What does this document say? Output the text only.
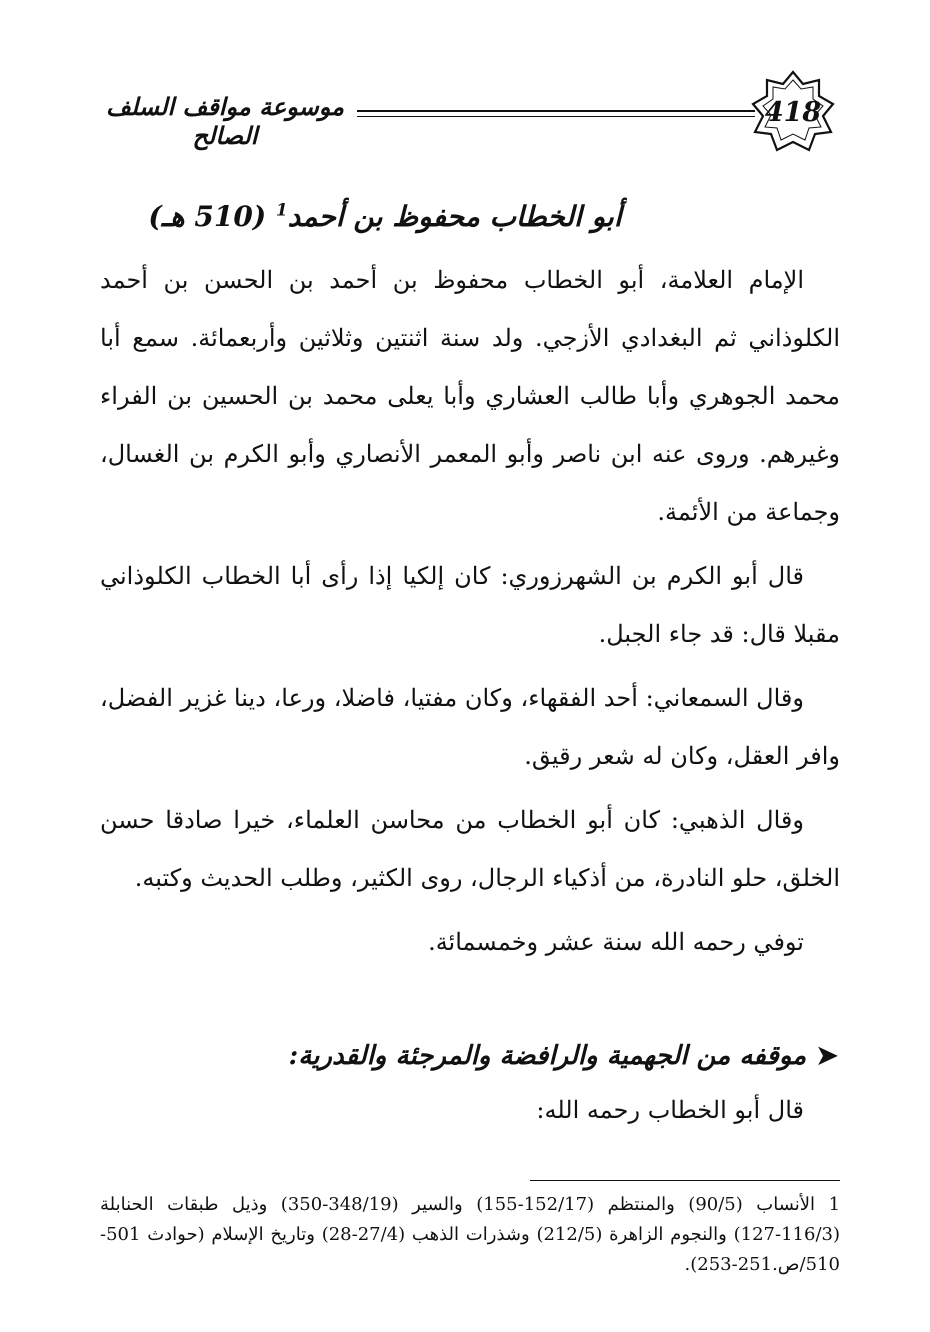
موسوعة مواقف السلف الصالح
418
أبو الخطاب محفوظ بن أحمد$^1$ (510 هـ)

الإمام العلامة، أبو الخطاب محفوظ بن أحمد بن الحسن بن أحمد الكلوذاني ثم البغدادي الأزجي. ولد سنة اثنتين وثلاثين وأربعمائة. سمع أبا محمد الجوهري وأبا طالب العشاري وأبا يعلى محمد بن الحسين بن الفراء وغيرهم. وروى عنه ابن ناصر وأبو المعمر الأنصاري وأبو الكرم بن الغسال، وجماعة من الأئمة.

قال أبو الكرم بن الشهرزوري: كان إلكيا إذا رأى أبا الخطاب الكلوذاني مقبلا قال: قد جاء الجبل.

وقال السمعاني: أحد الفقهاء، وكان مفتيا، فاضلا، ورعا، دينا غزير الفضل، وافر العقل، وكان له شعر رقيق.

وقال الذهبي: كان أبو الخطاب من محاسن العلماء، خيرا صادقا حسن الخلق، حلو النادرة، من أذكياء الرجال، روى الكثير، وطلب الحديث وكتبه.

توفي رحمه الله سنة عشر وخمسمائة.

➤موقفه من الجهمية والرافضة والمرجئة والقدرية:

قال أبو الخطاب رحمه الله:

1 الأنساب (90/5) والمنتظم (152/17-155) والسير (348/19-350) وذيل طبقات الحنابلة (116/3-127) والنجوم الزاهرة (212/5) وشذرات الذهب (27/4-28) وتاريخ الإسلام (حوادث 501-510/ص.251-253).
